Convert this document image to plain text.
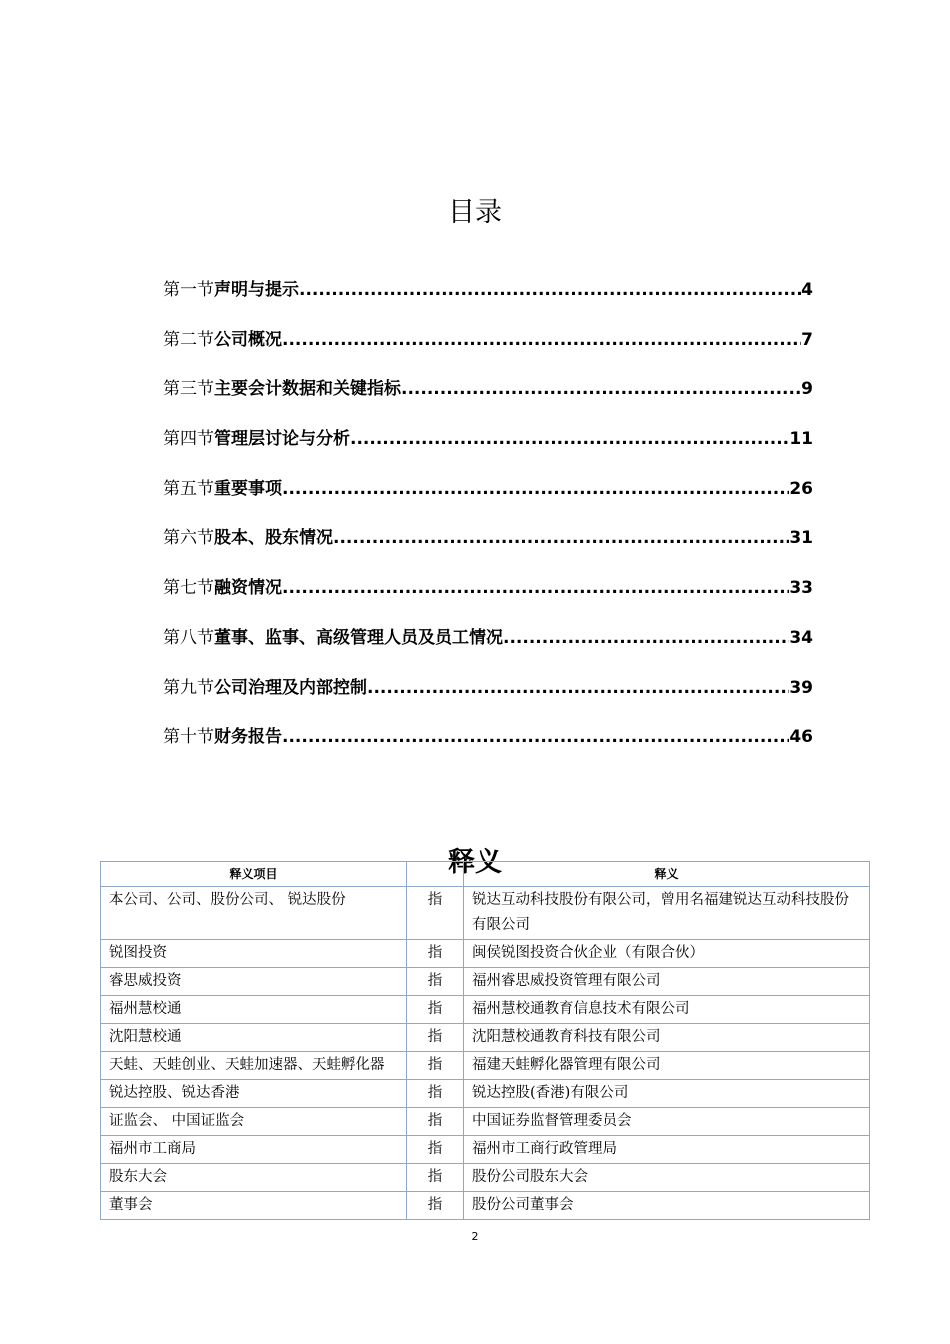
目录
第一节 声明与提示 .....	4
第二节 公司概况 .....	7
第三节 主要会计数据和关键指标 .....	9
第四节 管理层讨论与分析 .....	11
第五节 重要事项 .....	26
第六节 股本、股东情况 .....	31
第七节 融资情况 .....	33
第八节 董事、监事、高级管理人员及员工情况 .....	34
第九节 公司治理及内部控制 .....	39
第十节 财务报告 .....	46
释义
释义项目		释义
本公司、公司、股份公司、 锐达股份	指	锐达互动科技股份有限公司，曾用名福建锐达互动科技股份有限公司
锐图投资	指	闽侯锐图投资合伙企业（有限合伙）
睿思威投资	指	福州睿思威投资管理有限公司
福州慧校通	指	福州慧校通教育信息技术有限公司
沈阳慧校通	指	沈阳慧校通教育科技有限公司
天蛙、天蛙创业、天蛙加速器、天蛙孵化器	指	福建天蛙孵化器管理有限公司
锐达控股、锐达香港	指	锐达控股(香港)有限公司
证监会、 中国证监会	指	中国证券监督管理委员会
福州市工商局	指	福州市工商行政管理局
股东大会	指	股份公司股东大会
董事会	指	股份公司董事会
2
